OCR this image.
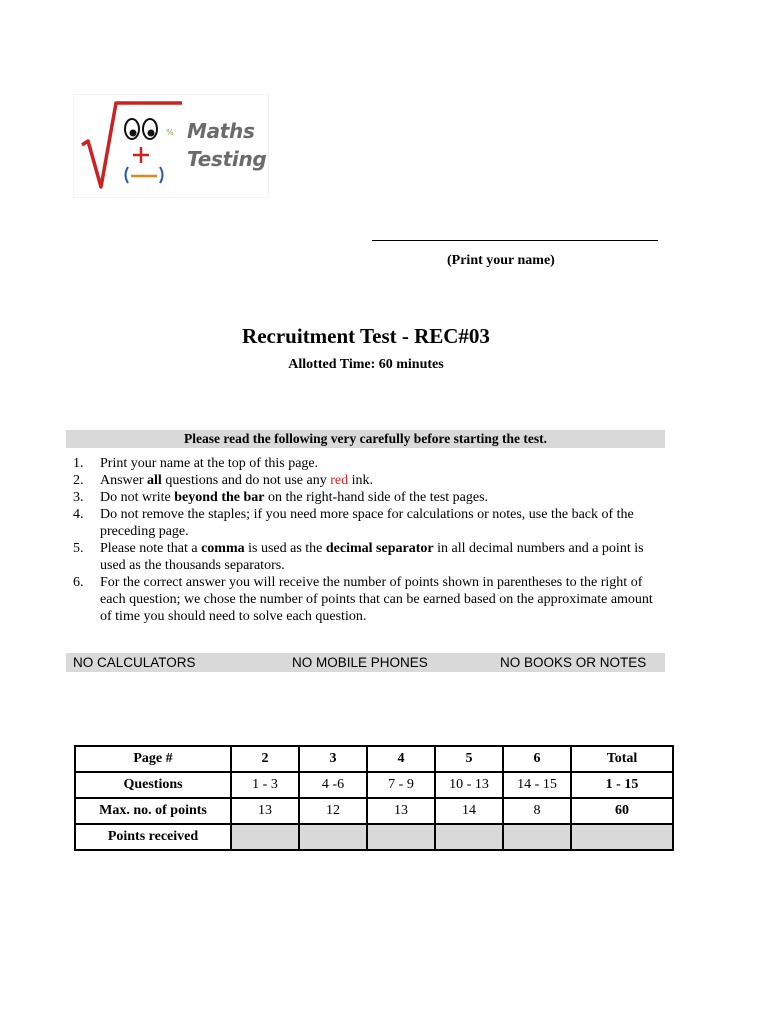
% Maths
Testing
(Print your name)
Recruitment Test - REC#03
Allotted Time: 60 minutes
Please read the following very carefully before starting the test.
1. Print your name at the top of this page.
2. Answer all questions and do not use any red ink.
3. Do not write beyond the bar on the right-hand side of the test pages.
4. Do not remove the staples; if you need more space for calculations or notes, use the back of the preceding page.
5. Please note that a comma is used as the decimal separator in all decimal numbers and a point is used as the thousands separators.
6. For the correct answer you will receive the number of points shown in parentheses to the right of each question; we chose the number of points that can be earned based on the approximate amount of time you should need to solve each question.
NO CALCULATORS	NO MOBILE PHONES	NO BOOKS OR NOTES
Page #	2	3	4	5	6	Total
Questions	1 - 3	4 -6	7 - 9	10 - 13	14 - 15	1 - 15
Max. no. of points	13	12	13	14	8	60
Points received						
